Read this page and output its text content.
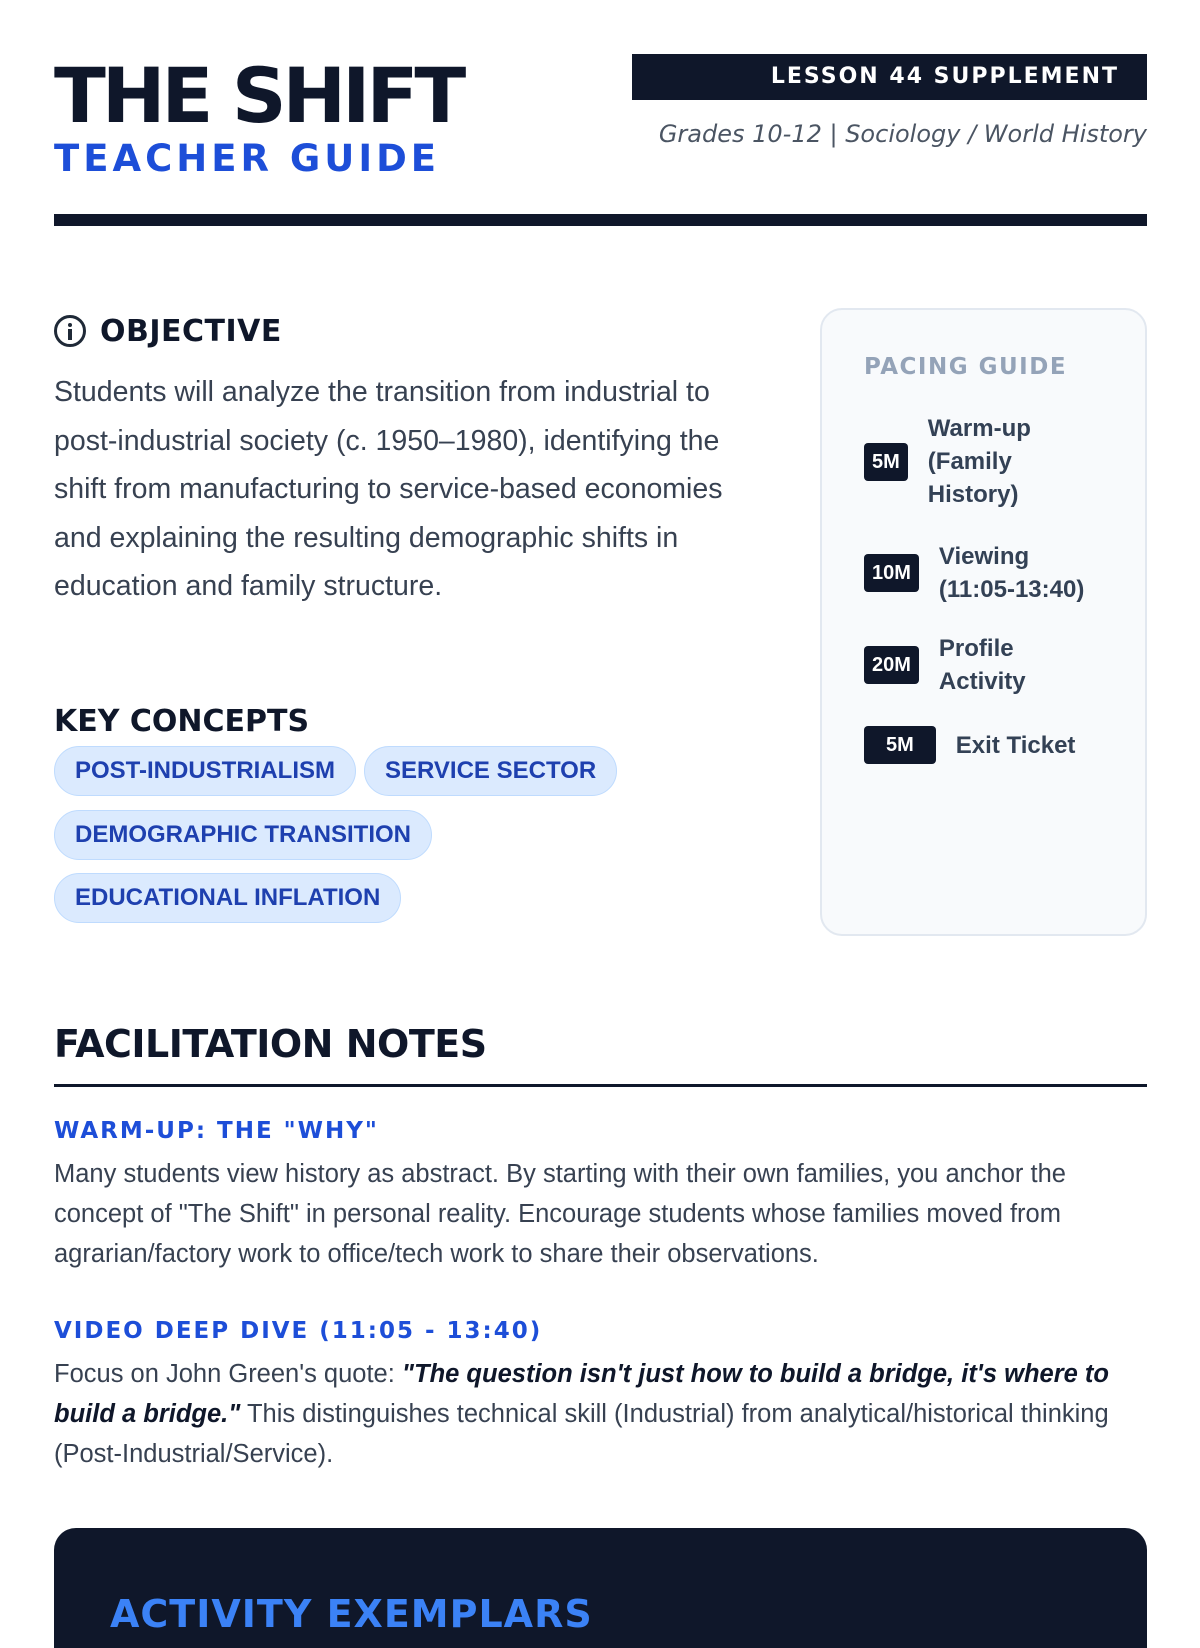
THE SHIFT
TEACHER GUIDE
LESSON 44 SUPPLEMENT
Grades 10-12 | Sociology / World History
OBJECTIVE

Students will analyze the transition from industrial to post-industrial society (c. 1950–1980), identifying the shift from manufacturing to service-based economies and explaining the resulting demographic shifts in education and family structure.

KEY CONCEPTS
POST-INDUSTRIALISM	SERVICE SECTOR
DEMOGRAPHIC TRANSITION
EDUCATIONAL INFLATION
PACING GUIDE
5M
Warm-up (Family History)
10M
Viewing (11:05-13:40)
20M
Profile Activity
5M	Exit Ticket
FACILITATION NOTES
WARM-UP: THE "WHY"

Many students view history as abstract. By starting with their own families, you anchor the concept of "The Shift" in personal reality. Encourage students whose families moved from agrarian/factory work to office/tech work to share their observations.

VIDEO DEEP DIVE (11:05 - 13:40)

Focus on John Green's quote: "The question isn't just how to build a bridge, it's where to build a bridge." This distinguishes technical skill (Industrial) from analytical/historical thinking (Post-Industrial/Service).

ACTIVITY EXEMPLARS
